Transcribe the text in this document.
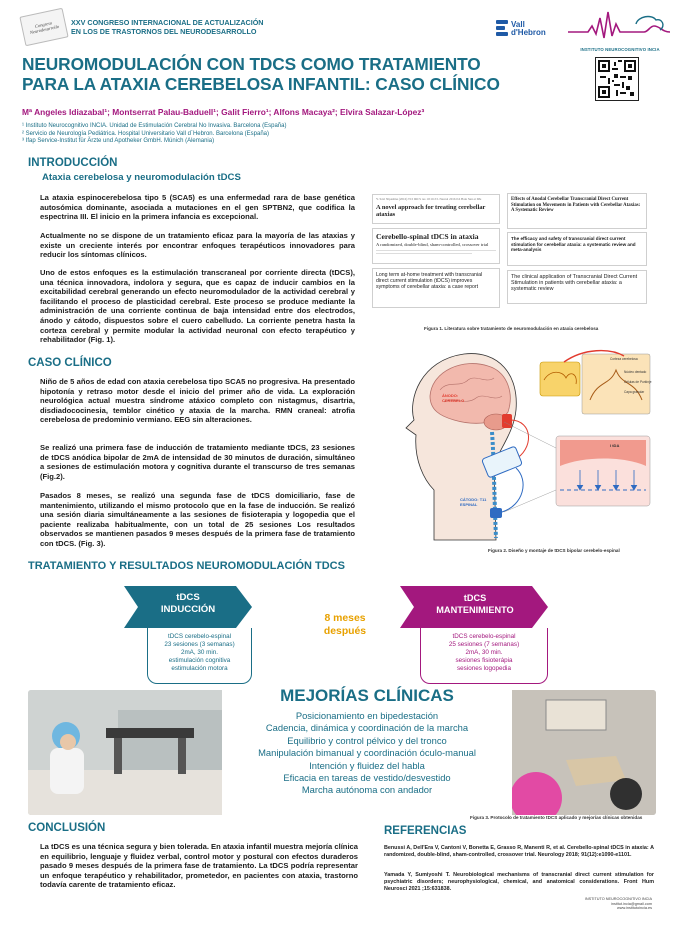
Congreso Neurodesarrollo
XXV CONGRESO INTERNACIONAL DE ACTUALIZACIÓN
EN LOS DE TRASTORNOS DEL NEURODESARROLLO
Vall
d'Hebron
INSTITUTO NEUROCOGNITIVO INCIA
NEUROMODULACIÓN CON TDCS COMO TRATAMIENTO
PARA LA ATAXIA CEREBELOSA INFANTIL: CASO CLÍNICO
Mª Angeles Idiazabal¹; Montserrat Palau-Baduell¹; Galit Fierro¹; Alfons Macaya²; Elvira Salazar-López³
¹ Instituto Neurocognitivo INCIA. Unidad de Estimulación Cerebral No Invasiva. Barcelona (España)
² Servicio de Neurología Pediátrica. Hospital Universitario Vall d´Hebron. Barcelona (España)
³ Ifap Service-Institut für Ärzte und Apotheker GmbH. Múnich (Alemania)
INTRODUCCIÓN
Ataxia cerebelosa y neuromodulación tDCS
La ataxia espinocerebelosa tipo 5 (SCA5) es una enfermedad rara de base genética autosómica dominante, asociada a mutaciones en el gen SPTBN2, que codifica la espectrina III. El inicio en la primera infancia es excepcional.
Actualmente no se dispone de un tratamiento eficaz para la mayoría de las ataxias y existe un creciente interés por encontrar enfoques terapéuticos innovadores para reducir los síntomas clínicos.
Uno de estos enfoques es la estimulación transcraneal por corriente directa (tDCS), una técnica innovadora, indolora y segura, que es capaz de inducir cambios en la excitabilidad cerebral generando un efecto neuromodulador de la actividad cerebral y facilitando el proceso de plasticidad cerebral. Este proceso se produce mediante la administración de una corriente continua de baja intensidad entre dos electrodos, ánodo y cátodo, dispuestos sobre el cuero cabelludo. La corriente penetra hasta la corteza cerebral y permite modular la actividad neuronal con efecto terapéutico y rehabilitador (Fig. 1).
Y. Savi Nipashna (2016) TCI IRCS res 10:10-53. Neurol 2016 0.6 Hale Sun et 68e
A novel approach for treating cerebellar ataxias
Cerebello-spinal tDCS in ataxia
A randomized, double-blind, sham-controlled, crossover trial
Long term at-home treatment with transcranial direct current stimulation (tDCS) improves symptoms of cerebellar ataxia: a case report
Effects of Anodal Cerebellar Transcranial Direct Current Stimulation on Movements in Patients with Cerebellar Ataxias: A Systematic Review
The efficacy and safety of transcranial direct current stimulation for cerebellar ataxia: a systematic review and meta-analysis
The clinical application of Transcranial Direct Current Stimulation in patients with cerebellar ataxia: a systematic review
Figura 1. Literatura sobre tratamiento de neuromodulación en ataxia cerebelosa
CASO CLÍNICO
Niño de 5 años de edad con ataxia cerebelosa tipo SCA5 no progresiva. Ha presentado hipotonía y retraso motor desde el inicio del primer año de vida. La exploración neurológica actual muestra síndrome atáxico completo con nistagmus, disartria, disdiadococinesia, temblor cinético y ataxia de la marcha. RMN craneal: atrofia cerebelosa de predominio vermiano. EEG sin alteraciones.
Se realizó una primera fase de inducción de tratamiento mediante tDCS, 23 sesiones de tDCS anódica bipolar de 2mA de intensidad de 30 minutos de duración, simultáneo a sesiones de estimulación motora y cognitiva durante el transcurso de tres semanas (Fig.2).
Pasados 8 meses, se realizó una segunda fase de tDCS domiciliario, fase de mantenimiento, utilizando el mismo protocolo que en la fase de inducción. Se realizó una sesión diaria simultáneamente a las sesiones de fisioterapia y logopedia que el paciente realizaba habitualmente, con un total de 25 sesiones Los resultados observados se mantienen pasados 9 meses después de la primera fase de tratamiento con tDCS. (Fig. 3).
ÁNODO: CEREBELO
CÁTODO: T11 ESPINAL
Corteza cerebelosa
Núcleo dentado
Células de Purkinje
Capa granular
I tDA
Figura 2. Diseño y montaje de tDCS bipolar cerebelo-espinal
TRATAMIENTO Y RESULTADOS NEUROMODULACIÓN TDCS
tDCS
INDUCCIÓN
tDCS cerebelo-espinal
23 sesiones (3 semanas)
2mA, 30 min.
estimulación cognitiva
estimulación motora
8 meses
después
tDCS
MANTENIMIENTO
tDCS cerebelo-espinal
25 sesiones (7 semanas)
2mA, 30 min.
sesiones fisioterápia
sesiones logopedia
MEJORÍAS CLÍNICAS
Posicionamiento en bipedestación
Cadencia, dinámica y coordinación de la marcha
Equilibrio y control pélvico y del tronco
Manipulación bimanual y coordinación óculo-manual
Intención y fluidez del habla
Eficacia en tareas de vestido/desvestido
Marcha autónoma con andador
Figura 3. Protocolo de tratamiento tDCS aplicado y mejorías clínicas obtenidas
CONCLUSIÓN
La tDCS es una técnica segura y bien tolerada. En ataxia infantil muestra mejoría clínica en equilibrio, lenguaje y fluidez verbal, control motor y postural con efectos duraderos pasado 9 meses después de la primera fase de tratamiento. La tDCS podría representar un enfoque terapéutico y rehabilitador, prometedor, en pacientes con ataxia, trastorno todavía carente de tratamiento eficaz.
REFERENCIAS
Benussi A, Dell'Era V, Cantoni V, Bonetta E, Grasso R, Manenti R, et al. Cerebello-spinal tDCS in ataxia: A randomized, double-blind, sham-controlled, crossover trial. Neurology 2018; 91(12):e1090-e1101.
Yamada Y, Sumiyoshi T. Neurobiological mechanisms of transcranial direct current stimulation for psychiatric disorders; neurophysiological, chemical, and anatomical considerations. Front Hum Neurosci 2021 ;15:631838.
INSTITUTO NEUROCOGNITIVO INCIA
institut.incia@gmail.com
www.institutoincia.es
